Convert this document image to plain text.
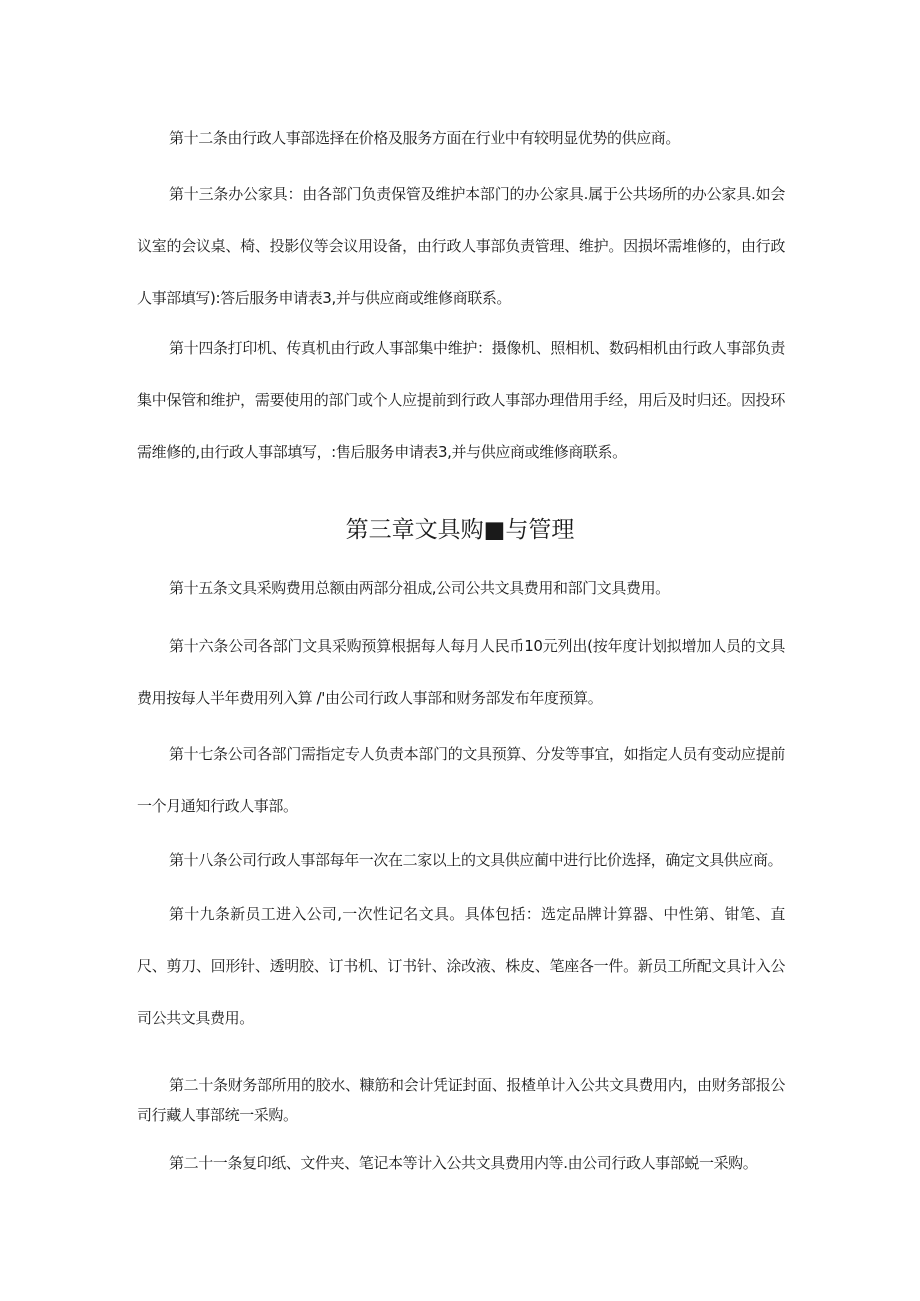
第十二条由行政人事部选择在价格及服务方面在行业中有较明显优势的供应商。

第十三条办公家具：由各部门负责保管及维护本部门的办公家具.属于公共场所的办公家具.如会议室的会议桌、椅、投影仪等会议用设备，由行政人事部负责管理、维护。因损坏需堆修的，由行政人事部填写):答后服务申请表3,并与供应商或维修商联系。

第十四条打印机、传真机由行政人事部集中维护：摄像机、照相机、数码相机由行政人事部负责集中保管和维护，需要使用的部门或个人应提前到行政人事部办理借用手经，用后及时归还。因投环需维修的,由行政人事部填写，:售后服务申请表3,并与供应商或维修商联系。

第三章文具购■与管理

第十五条文具采购费用总额由两部分祖成,公司公共文具费用和部门文具费用。

第十六条公司各部门文具采购预算根据每人每月人民币10元列出(按年度计划拟增加人员的文具费用按每人半年费用列入算 /'由公司行政人事部和财务部发布年度预算。

第十七条公司各部门需指定专人负责本部门的文具预算、分发等事宜，如指定人员有变动应提前一个月通知行政人事部。

第十八条公司行政人事部每年一次在二家以上的文具供应蔺中进行比价选择，确定文具供应商。

第十九条新员工进入公司,一次性记名文具。具体包括：选定品牌计算器、中性第、钳笔、直尺、剪刀、回形针、透明胶、订书机、订书针、涂改液、株皮、笔座各一件。新员工所配文具计入公司公共文具费用。

第二十条财务部所用的胶水、糠筋和会计凭证封面、报楂单计入公共文具费用内，由财务部报公司行藏人事部统一采购。

第二十一条复印纸、文件夹、笔记本等计入公共文具费用内等.由公司行政人事部蜕一采购。
